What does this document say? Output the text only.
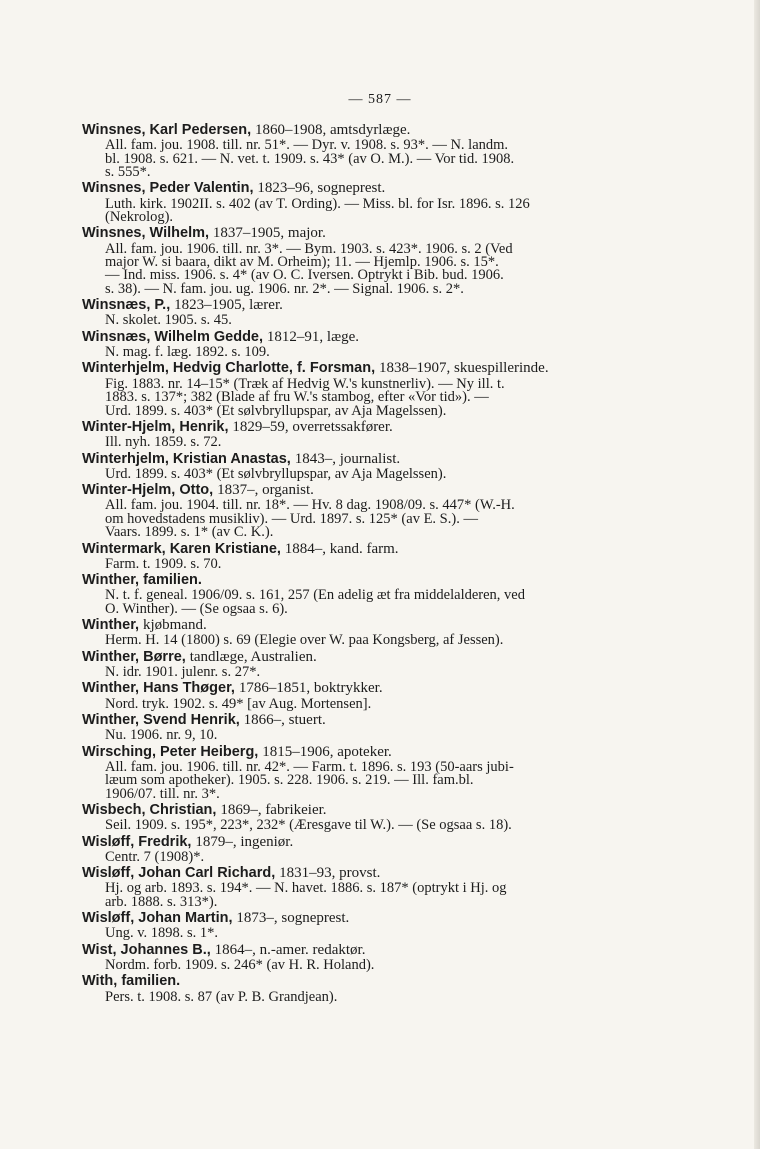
— 587 —
Winsnes, Karl Pedersen, 1860–1908, amtsdyrlæge.
All. fam. jou. 1908. till. nr. 51*. — Dyr. v. 1908. s. 93*. — N. landm.
bl. 1908. s. 621. — N. vet. t. 1909. s. 43* (av O. M.). — Vor tid. 1908.
s. 555*.
Winsnes, Peder Valentin, 1823–96, sogneprest.
Luth. kirk. 1902II. s. 402 (av T. Ording). — Miss. bl. for Isr. 1896. s. 126
(Nekrolog).
Winsnes, Wilhelm, 1837–1905, major.
All. fam. jou. 1906. till. nr. 3*. — Bym. 1903. s. 423*. 1906. s. 2 (Ved
major W. si baara, dikt av M. Orheim); 11. — Hjemlp. 1906. s. 15*.
— Ind. miss. 1906. s. 4* (av O. C. Iversen. Optrykt i Bib. bud. 1906.
s. 38). — N. fam. jou. ug. 1906. nr. 2*. — Signal. 1906. s. 2*.
Winsnæs, P., 1823–1905, lærer.
N. skolet. 1905. s. 45.
Winsnæs, Wilhelm Gedde, 1812–91, læge.
N. mag. f. læg. 1892. s. 109.
Winterhjelm, Hedvig Charlotte, f. Forsman, 1838–1907, skuespillerinde.
Fig. 1883. nr. 14–15* (Træk af Hedvig W.'s kunstnerliv). — Ny ill. t.
1883. s. 137*; 382 (Blade af fru W.'s stambog, efter «Vor tid»). —
Urd. 1899. s. 403* (Et sølvbryllupspar, av Aja Magelssen).
Winter-Hjelm, Henrik, 1829–59, overretssakfører.
Ill. nyh. 1859. s. 72.
Winterhjelm, Kristian Anastas, 1843–, journalist.
Urd. 1899. s. 403* (Et sølvbryllupspar, av Aja Magelssen).
Winter-Hjelm, Otto, 1837–, organist.
All. fam. jou. 1904. till. nr. 18*. — Hv. 8 dag. 1908/09. s. 447* (W.-H.
om hovedstadens musikliv). — Urd. 1897. s. 125* (av E. S.). —
Vaars. 1899. s. 1* (av C. K.).
Wintermark, Karen Kristiane, 1884–, kand. farm.
Farm. t. 1909. s. 70.
Winther, familien.
N. t. f. geneal. 1906/09. s. 161, 257 (En adelig æt fra middelalderen, ved
O. Winther). — (Se ogsaa s. 6).
Winther, kjøbmand.
Herm. H. 14 (1800) s. 69 (Elegie over W. paa Kongsberg, af Jessen).
Winther, Børre, tandlæge, Australien.
N. idr. 1901. julenr. s. 27*.
Winther, Hans Thøger, 1786–1851, boktrykker.
Nord. tryk. 1902. s. 49* [av Aug. Mortensen].
Winther, Svend Henrik, 1866–, stuert.
Nu. 1906. nr. 9, 10.
Wirsching, Peter Heiberg, 1815–1906, apoteker.
All. fam. jou. 1906. till. nr. 42*. — Farm. t. 1896. s. 193 (50-aars jubi-
læum som apotheker). 1905. s. 228. 1906. s. 219. — Ill. fam.bl.
1906/07. till. nr. 3*.
Wisbech, Christian, 1869–, fabrikeier.
Seil. 1909. s. 195*, 223*, 232* (Æresgave til W.). — (Se ogsaa s. 18).
Wisløff, Fredrik, 1879–, ingeniør.
Centr. 7 (1908)*.
Wisløff, Johan Carl Richard, 1831–93, provst.
Hj. og arb. 1893. s. 194*. — N. havet. 1886. s. 187* (optrykt i Hj. og
arb. 1888. s. 313*).
Wisløff, Johan Martin, 1873–, sogneprest.
Ung. v. 1898. s. 1*.
Wist, Johannes B., 1864–, n.-amer. redaktør.
Nordm. forb. 1909. s. 246* (av H. R. Holand).
With, familien.
Pers. t. 1908. s. 87 (av P. B. Grandjean).
